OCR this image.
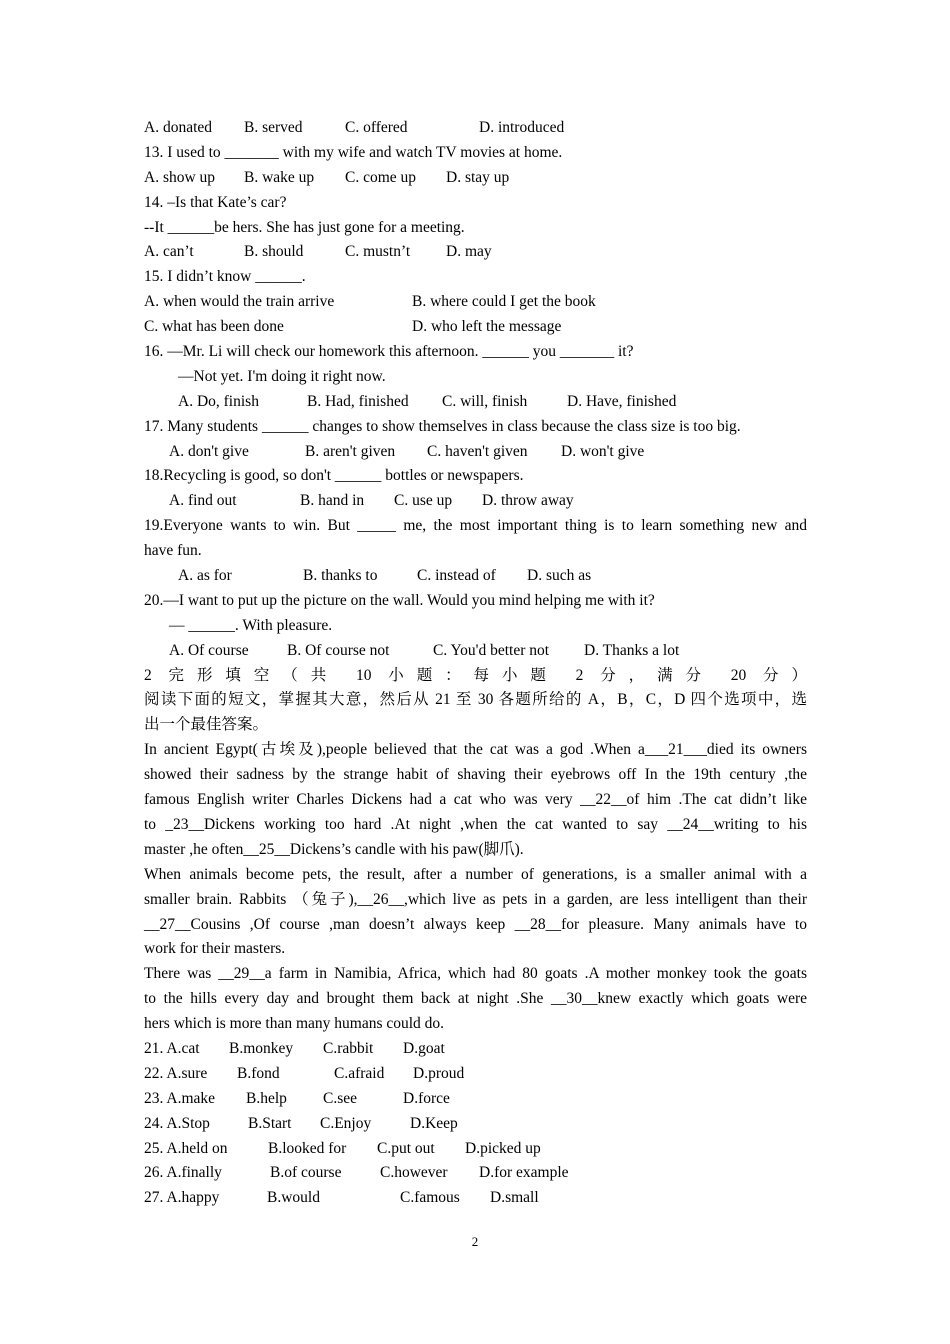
A. donated B. served	C. offered	D. introduced
13. I used to _______ with my wife and watch TV movies at home.
A. show up B. wake up C. come up D. stay up
14. –Is that Kate’s car?
--It ______be hers. She has just gone for a meeting.
A. can’t	B. should	C. mustn’t D. may
15. I didn’t know ______.
A. when would the train arrive	B. where could I get the book
C. what has been done	D. who left the message
16. —Mr. Li will check our homework this afternoon. ______ you _______ it?
—Not yet. I'm doing it right now.
A. Do, finish	B. Had, finished C. will, finish	D. Have, finished
17. Many students ______ changes to show themselves in class because the class size is too big.
A. don't give	B. aren't given C. haven't given D. won't give
18.Recycling is good, so don't ______ bottles or newspapers.
A. find out	B. hand in C. use up D. throw away
19.Everyone wants to win. But _____ me, the most important thing is to learn something new and
have fun.
A. as for	B. thanks to	C. instead of D. such as
20.—I want to put up the picture on the wall. Would you mind helping me with it?
— ______. With pleasure.
A. Of course B. Of course not	C. You'd better not D. Thanks a lot
2 完形填空（共 10 小题：每小题 2 分，满分 20 分）
阅读下面的短文，掌握其大意，然后从 21 至 30 各题所给的 A，B，C，D 四个选项中，选
出一个最佳答案。
In ancient Egypt(古埃及),people believed that the cat was a god .When a___21___died its owners
showed their sadness by the strange habit of shaving their eyebrows off In the 19th century ,the
famous English writer Charles Dickens had a cat who was very __22__of him .The cat didn’t like
to _23__Dickens working too hard .At night ,when the cat wanted to say __24__writing to his
master ,he often__25__Dickens’s candle with his paw(脚爪).
When animals become pets, the result, after a number of generations, is a smaller animal with a
smaller brain. Rabbits （兔子),__26__,which live as pets in a garden, are less intelligent than their
__27__Cousins ,Of course ,man doesn’t always keep __28__for pleasure. Many animals have to
work for their masters.
There was __29__a farm in Namibia, Africa, which had 80 goats .A mother monkey took the goats
to the hills every day and brought them back at night .She __30__knew exactly which goats were
hers which is more than many humans could do.
21. A.cat B.monkey C.rabbit D.goat
22. A.sure B.fond	C.afraid D.proud
23. A.make B.help C.see	D.force
24. A.Stop B.Start C.Enjoy	D.Keep
25. A.held on	B.looked for C.put out D.picked up
26. A.finally	B.of course C.however D.for example
27. A.happy	B.would	C.famous D.small
2
